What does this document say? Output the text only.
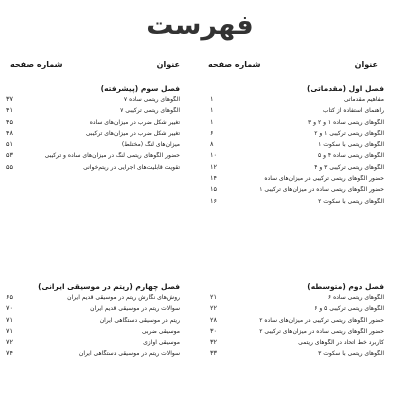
فهرست
عنوان
شماره صفحه
عنوان
شماره صفحه
فصل اول (مقدماتی)
مفاهیم مقدماتی
۱
راهنمای استفاده از کتاب
۱
الگوهای ریتمی ساده ۱ و ۲ و ۳
۱
الگوهای ریتمی ترکیبی ۱ و ۲
۶
الگوهای ریتمی با سکوت ۱
۸
الگوهای ریتمی ساده ۴ و ۵
۱۰
الگوهای ریتمی ترکیبی ۳ و ۴
۱۲
حضور الگوهای ریتمی ترکیبی در میزان‌های ساده
۱۴
حضور الگوهای ریتمی ساده در میزان‌های ترکیبی ۱
۱۵
الگوهای ریتمی با سکوت ۲
۱۶
فصل سوم (پیشرفته)
الگوهای ریتمی ساده ۷
۳۷
الگوهای ریتمی ترکیبی ۷
۴۱
تغییر شکل ضرب در میزان‌های ساده
۴۵
تغییر شکل ضرب در میزان‌های ترکیبی
۴۸
میزان‌های لنگ (مختلط)
۵۱
حضور الگوهای ریتمی لنگ در میزان‌های ساده و ترکیبی
۵۳
تقویت قابلیت‌های اجرایی در ریتم‌خوانی
۵۵
فصل دوم (متوسطه)
الگوهای ریتمی ساده ۶
۲۱
الگوهای ریتمی ترکیبی ۵ و ۶
۲۲
حضور الگوهای ریتمی ترکیبی در میزان‌های ساده ۲
۲۸
حضور الگوهای ریتمی ساده در میزان‌های ترکیبی ۲
۳۰
کاربرد خط اتحاد در الگوهای ریتمی
۳۲
الگوهای ریتمی با سکوت ۳
۳۳
فصل چهارم (ریتم در موسیقی ایرانی)
روش‌های نگارش ریتم در موسیقی قدیم ایران
۶۵
سوالات ریتم در موسیقی قدیم ایران
۷۰
ریتم در موسیقی دستگاهی ایران
۷۱
موسیقی ضربی
۷۱
موسیقی آوازی
۷۲
سوالات ریتم در موسیقی دستگاهی ایران
۷۴
